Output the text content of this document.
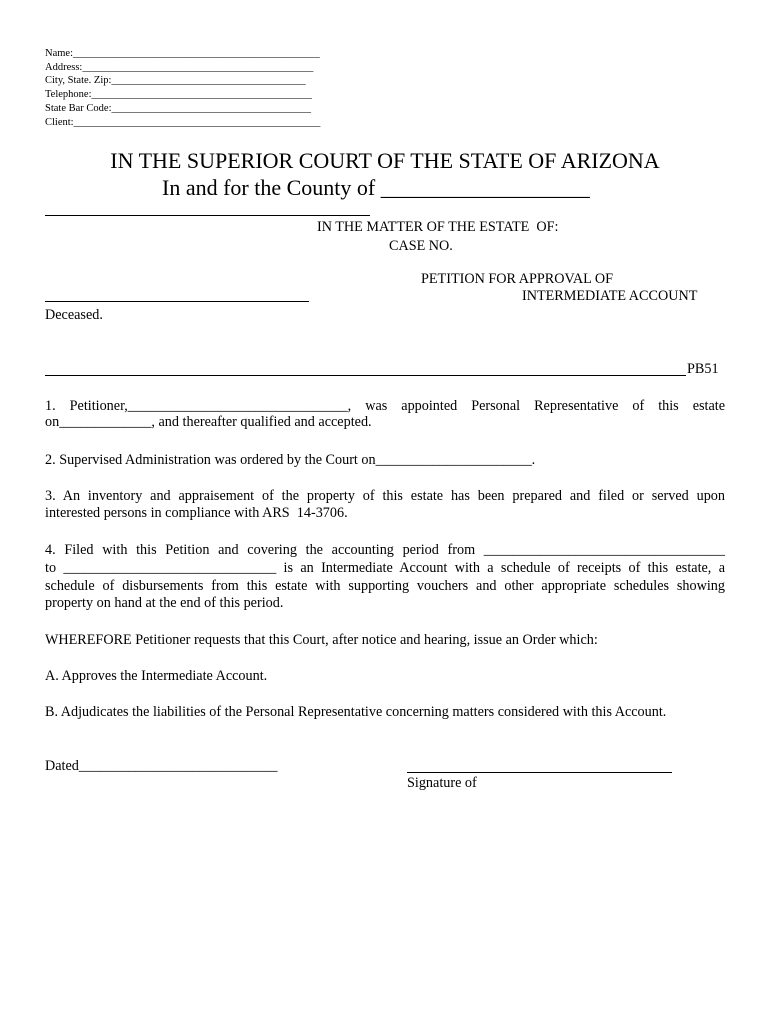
Name:_______________________________________________
Address:____________________________________________
City, State. Zip:_____________________________________
Telephone:__________________________________________
State Bar Code:______________________________________
Client:_______________________________________________
IN THE SUPERIOR COURT OF THE STATE OF ARIZONA
In and for the County of ___________________
IN THE MATTER OF THE ESTATE  OF:
CASE NO.
PETITION FOR APPROVAL OF
INTERMEDIATE ACCOUNT
Deceased.
PB51
1. Petitioner,_______________________________, was appointed Personal Representative of this estate
on_____________, and thereafter qualified and accepted.
2. Supervised Administration was ordered by the Court on______________________.
3. An inventory and appraisement of the property of this estate has been prepared and filed or served upon
interested persons in compliance with ARS  14-3706.
4. Filed with this Petition and covering the accounting period from __________________________________
to ______________________________ is an Intermediate Account with a schedule of receipts of this estate, a
schedule of disbursements from this estate with supporting vouchers and other appropriate schedules showing
property on hand at the end of this period.
WHEREFORE Petitioner requests that this Court, after notice and hearing, issue an Order which:
A. Approves the Intermediate Account.
B. Adjudicates the liabilities of the Personal Representative concerning matters considered with this Account.
Dated____________________________
Signature of
